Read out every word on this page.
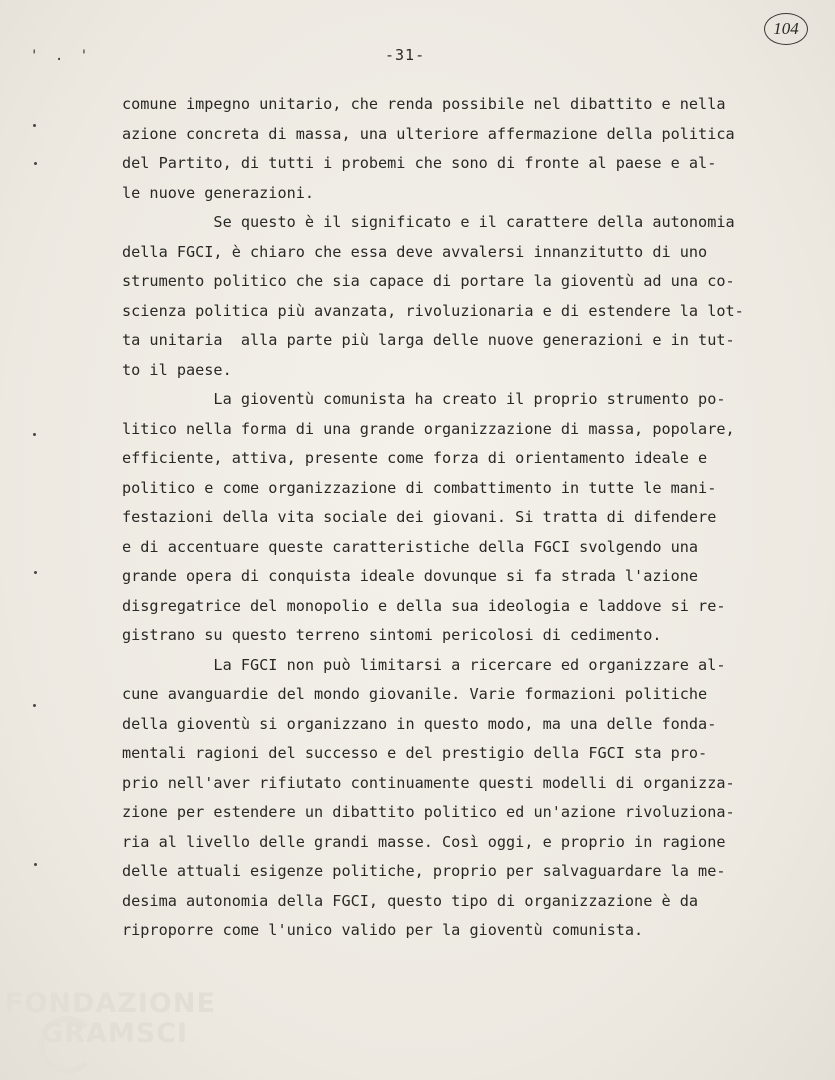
' . '
104
-31-
comune impegno unitario, che renda possibile nel dibattito e nella
azione concreta di massa, una ulteriore affermazione della politica
del Partito, di tutti i probemi che sono di fronte al paese e al-
le nuove generazioni.
Se questo è il significato e il carattere della autonomia
della FGCI, è chiaro che essa deve avvalersi innanzitutto di uno
strumento politico che sia capace di portare la gioventù ad una co-
scienza politica più avanzata, rivoluzionaria e di estendere la lot-
ta unitaria  alla parte più larga delle nuove generazioni e in tut-
to il paese.
La gioventù comunista ha creato il proprio strumento po-
litico nella forma di una grande organizzazione di massa, popolare,
efficiente, attiva, presente come forza di orientamento ideale e
politico e come organizzazione di combattimento in tutte le mani-
festazioni della vita sociale dei giovani. Si tratta di difendere
e di accentuare queste caratteristiche della FGCI svolgendo una
grande opera di conquista ideale dovunque si fa strada l'azione
disgregatrice del monopolio e della sua ideologia e laddove si re-
gistrano su questo terreno sintomi pericolosi di cedimento.
La FGCI non può limitarsi a ricercare ed organizzare al-
cune avanguardie del mondo giovanile. Varie formazioni politiche
della gioventù si organizzano in questo modo, ma una delle fonda-
mentali ragioni del successo e del prestigio della FGCI sta pro-
prio nell'aver rifiutato continuamente questi modelli di organizza-
zione per estendere un dibattito politico ed un'azione rivoluziona-
ria al livello delle grandi masse. Così oggi, e proprio in ragione
delle attuali esigenze politiche, proprio per salvaguardare la me-
desima autonomia della FGCI, questo tipo di organizzazione è da
riproporre come l'unico valido per la gioventù comunista.
FONDAZIONE
GRAMSCI
